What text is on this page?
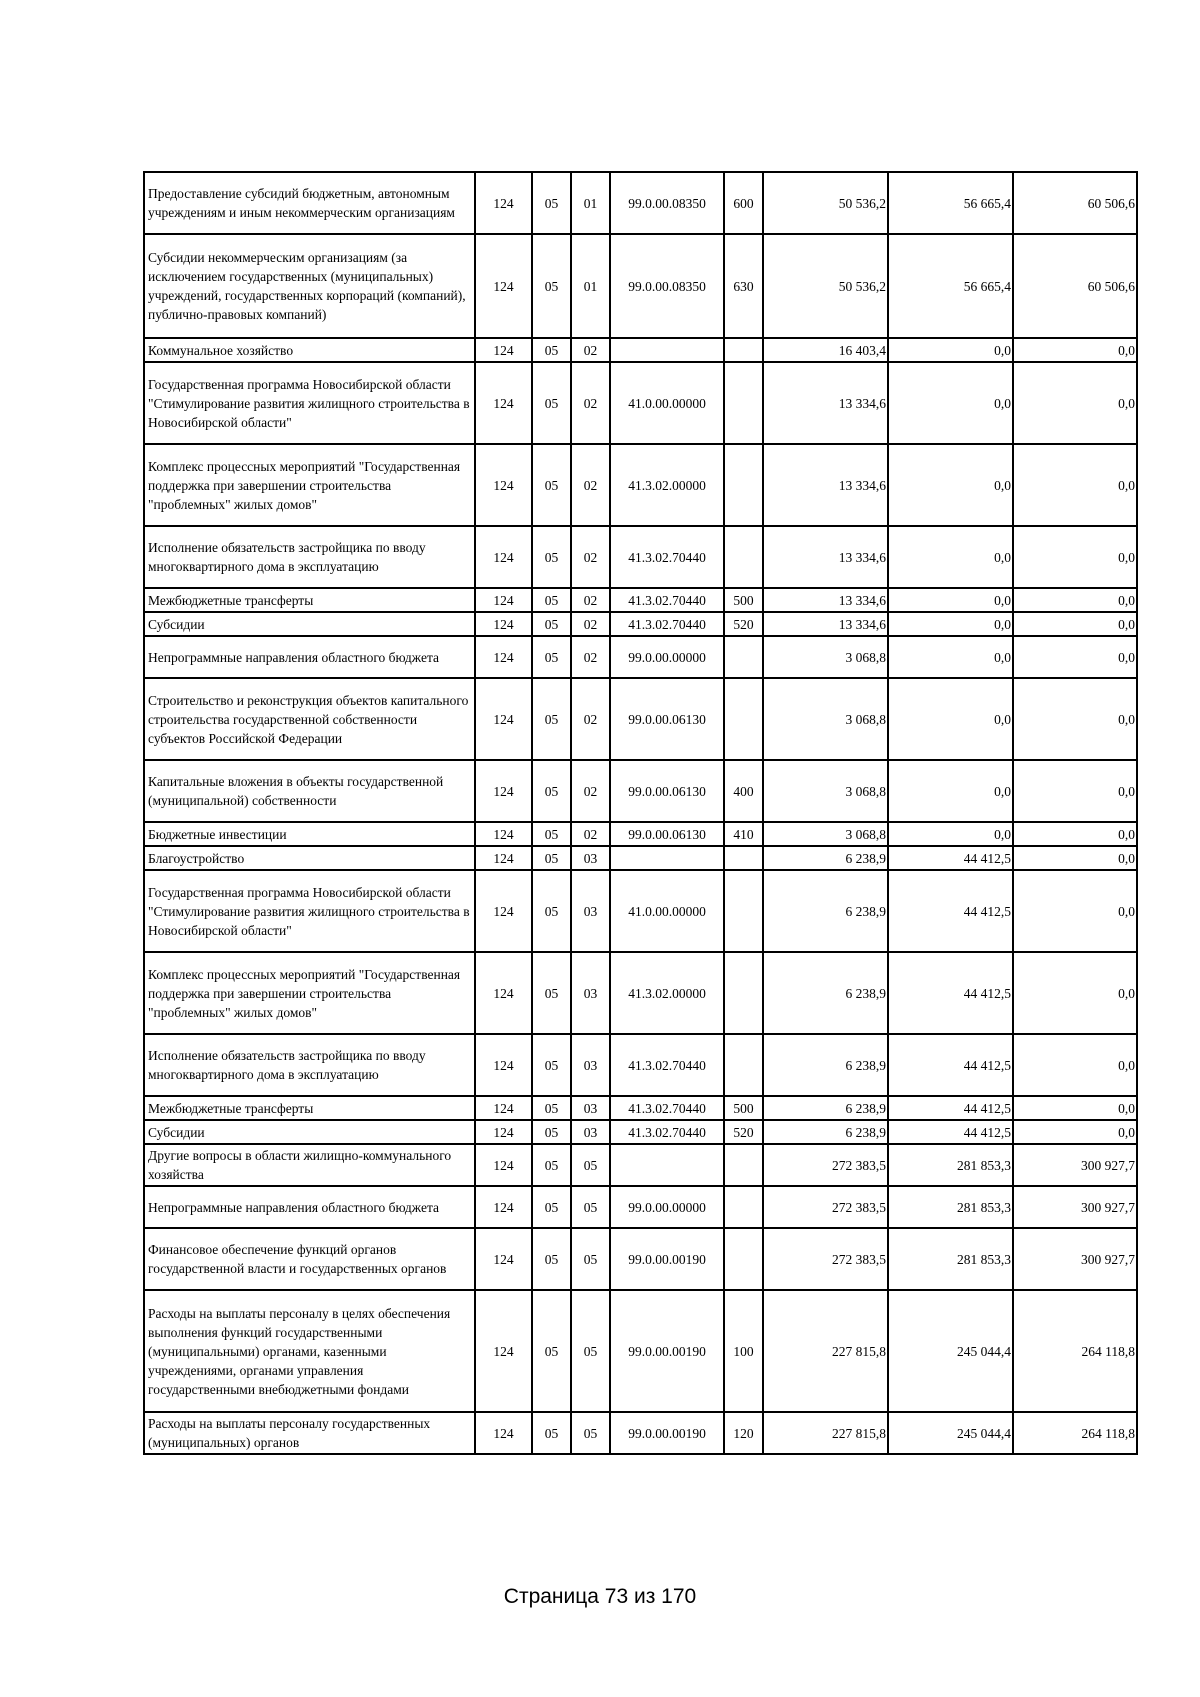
Предоставление субсидий бюджетным, автономным учреждениям и иным некоммерческим организациям	124	05	01	99.0.00.08350	600	50 536,2	56 665,4	60 506,6
Субсидии некоммерческим организациям (за исключением государственных (муниципальных) учреждений, государственных корпораций (компаний), публично-правовых компаний)	124	05	01	99.0.00.08350	630	50 536,2	56 665,4	60 506,6
Коммунальное хозяйство	124	05	02			16 403,4	0,0	0,0
Государственная программа Новосибирской области "Стимулирование развития жилищного строительства в Новосибирской области"	124	05	02	41.0.00.00000		13 334,6	0,0	0,0
Комплекс процессных мероприятий "Государственная поддержка при завершении строительства "проблемных" жилых домов"	124	05	02	41.3.02.00000		13 334,6	0,0	0,0
Исполнение обязательств застройщика по вводу многоквартирного дома в эксплуатацию	124	05	02	41.3.02.70440		13 334,6	0,0	0,0
Межбюджетные трансферты	124	05	02	41.3.02.70440	500	13 334,6	0,0	0,0
Субсидии	124	05	02	41.3.02.70440	520	13 334,6	0,0	0,0
Непрограммные направления областного бюджета	124	05	02	99.0.00.00000		3 068,8	0,0	0,0
Строительство и реконструкция объектов капитального строительства государственной собственности субъектов Российской Федерации	124	05	02	99.0.00.06130		3 068,8	0,0	0,0
Капитальные вложения в объекты государственной (муниципальной) собственности	124	05	02	99.0.00.06130	400	3 068,8	0,0	0,0
Бюджетные инвестиции	124	05	02	99.0.00.06130	410	3 068,8	0,0	0,0
Благоустройство	124	05	03			6 238,9	44 412,5	0,0
Государственная программа Новосибирской области "Стимулирование развития жилищного строительства в Новосибирской области"	124	05	03	41.0.00.00000		6 238,9	44 412,5	0,0
Комплекс процессных мероприятий "Государственная поддержка при завершении строительства "проблемных" жилых домов"	124	05	03	41.3.02.00000		6 238,9	44 412,5	0,0
Исполнение обязательств застройщика по вводу многоквартирного дома в эксплуатацию	124	05	03	41.3.02.70440		6 238,9	44 412,5	0,0
Межбюджетные трансферты	124	05	03	41.3.02.70440	500	6 238,9	44 412,5	0,0
Субсидии	124	05	03	41.3.02.70440	520	6 238,9	44 412,5	0,0
Другие вопросы в области жилищно-коммунального хозяйства	124	05	05			272 383,5	281 853,3	300 927,7
Непрограммные направления областного бюджета	124	05	05	99.0.00.00000		272 383,5	281 853,3	300 927,7
Финансовое обеспечение функций органов государственной власти и государственных органов	124	05	05	99.0.00.00190		272 383,5	281 853,3	300 927,7
Расходы на выплаты персоналу в целях обеспечения выполнения функций государственными (муниципальными) органами, казенными учреждениями, органами управления государственными внебюджетными фондами	124	05	05	99.0.00.00190	100	227 815,8	245 044,4	264 118,8
Расходы на выплаты персоналу государственных (муниципальных) органов	124	05	05	99.0.00.00190	120	227 815,8	245 044,4	264 118,8
Страница 73 из 170
